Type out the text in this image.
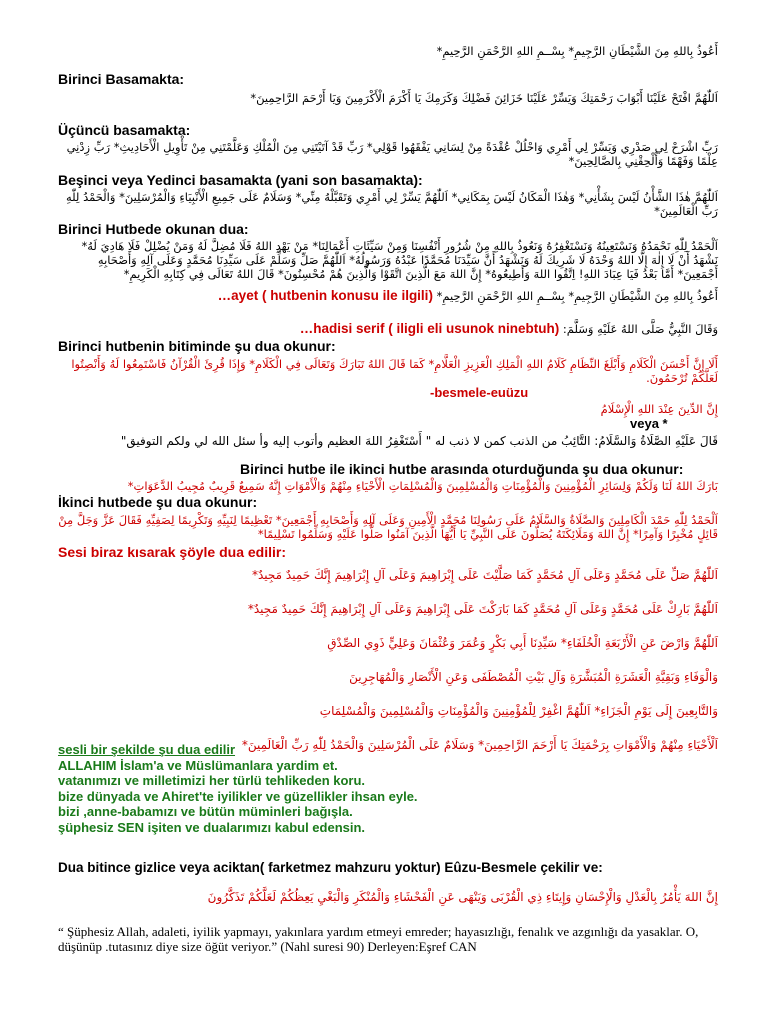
أَعُوذُ بِاللهِ مِنَ الشَّيْطَانِ الرَّجِيمِ* بِسْــمِ اللهِ الرَّحْمَنِ الرَّحِيمِ*
Birinci Basamakta:
اَللّٰهُمَّ افْتَحْ عَلَيْنَا أَبْوَابَ رَحْمَتِكَ وَيَسِّرْ عَلَيْنَا خَزَائِنَ فَضْلِكَ وَكَرَمِكَ يَا أَكْرَمَ الْأَكْرَمِينَ وَيَا أَرْحَمَ الرَّاحِمِينَ*
Üçüncü basamakta:
رَبِّ اشْرَحْ لِي صَدْرِي وَيَسِّرْ لِي أَمْرِي وَاحْلُلْ عُقْدَةً مِنْ لِسَانِي يَفْقَهُوا قَوْلِي* رَبِّ قَدْ آتَيْتَنِي مِنَ الْمُلْكِ وَعَلَّمْتَنِي مِنْ تَأْوِيلِ الْأَحَادِيثِ* رَبِّ زِدْنِي عِلْمًا وَفَهْمًا وَأَلْحِقْنِي بِالصَّالِحِينَ*
Beşinci veya Yedinci basamakta (yani son basamakta):
اَللّٰهُمَّ هٰذَا الشَّأْنُ لَيْسَ بِشَأْنِي* وَهٰذَا الْمَكَانُ لَيْسَ بِمَكَانِي* اَللّٰهُمَّ يَسِّرْ لِي أَمْرِي وَتَقَبَّلْهُ مِنِّي* وَسَلَامٌ عَلَى جَمِيعِ الْأَنْبِيَاءِ وَالْمُرْسَلِينَ* وَالْحَمْدُ لِلّٰهِ رَبِّ الْعَالَمِينَ*
Birinci Hutbede okunan dua:
اَلْحَمْدُ لِلّٰهِ نَحْمَدُهُ وَنَسْتَعِينُهُ وَنَسْتَغْفِرُهُ وَنَعُوذُ بِاللهِ مِنْ شُرُورِ أَنْفُسِنَا وَمِنْ سَيِّئَاتِ أَعْمَالِنَا* مَنْ يَهْدِ اللهُ فَلَا مُضِلَّ لَهُ وَمَنْ يُضْلِلْ فَلَا هَادِيَ لَهُ* نَشْهَدُ أَنْ لَا إِلٰهَ إِلَّا اللهُ وَحْدَهُ لَا شَرِيكَ لَهُ وَنَشْهَدُ أَنَّ سَيِّدَنَا مُحَمَّدًا عَبْدُهُ وَرَسُولُهُ* اَللّٰهُمَّ صَلِّ وَسَلِّمْ عَلَى سَيِّدِنَا مُحَمَّدٍ وَعَلَى آلِهِ وَأَصْحَابِهِ أَجْمَعِينَ* أَمَّا بَعْدُ فَيَا عِبَادَ اللهِ! اِتَّقُوا اللهَ وَأَطِيعُوهُ* إِنَّ اللهَ مَعَ الَّذِينَ اتَّقَوْا وَالَّذِينَ هُمْ مُحْسِنُونَ* قَالَ اللهُ تَعَالَى فِي كِتَابِهِ الْكَرِيمِ*
أَعُوذُ بِاللهِ مِنَ الشَّيْطَانِ الرَّجِيمِ* بِسْــمِ اللهِ الرَّحْمَنِ الرَّحِيمِ* ayet ( hutbenin konusu ile ilgili)…
وَقَالَ النَّبِيُّ صَلَّى اللهُ عَلَيْهِ وَسَلَّمَ: hadisi serif ( iligli eli usunok ninebtuh)…
Birinci hutbenin bitiminde şu dua okunur:
أَلَا إِنَّ أَحْسَنَ الْكَلَامِ وَأَبْلَغَ النِّظَامِ كَلَامُ اللهِ الْمَلِكِ الْعَزِيزِ الْعَلَّامِ* كَمَا قَالَ اللهُ تَبَارَكَ وَتَعَالَى فِي الْكَلَامِ* وَإِذَا قُرِئَ الْقُرْآنُ فَاسْتَمِعُوا لَهُ وَأَنْصِتُوا لَعَلَّكُمْ تُرْحَمُونَ.
-besmele-euüzu
إِنَّ الدِّينَ عِنْدَ اللهِ الْإِسْلَامُ
veya *
قَالَ عَلَيْهِ الصَّلَاةُ وَالسَّلَامُ: التَّائِبُ من الذنب كمن لا ذنب له " أَسْتَغْفِرُ اللهَ العظيم وأتوب إليه وأ سئل الله لي ولكم التوفيق"
Birinci hutbe ile ikinci hutbe arasında oturduğunda şu dua okunur:
بَارَكَ اللهُ لَنَا وَلَكُمْ وَلِسَائِرِ الْمُؤْمِنِينَ وَالْمُؤْمِنَاتِ وَالْمُسْلِمِينَ وَالْمُسْلِمَاتِ الْأَحْيَاءِ مِنْهُمْ وَالْأَمْوَاتِ إِنَّهُ سَمِيعٌ قَرِيبٌ مُجِيبُ الدَّعَوَاتِ*
İkinci hutbede şu dua okunur:
اَلْحَمْدُ لِلّٰهِ حَمْدَ الْكَامِلِينَ وَالصَّلَاةُ وَالسَّلَامُ عَلَى رَسُولِنَا مُحَمَّدٍ الْأَمِينِ وَعَلَى آلِهِ وَأَصْحَابِهِ أَجْمَعِينَ* تَعْظِيمًا لِنَبِيِّهِ وَتَكْرِيمًا لِصَفِيِّهِ فَقَالَ عَزَّ وَجَلَّ مِنْ قَائِلٍ مُخْبِرًا وَآمِرًا* إِنَّ اللهَ وَمَلَائِكَتَهُ يُصَلُّونَ عَلَى النَّبِيِّ يَا أَيُّهَا الَّذِينَ آمَنُوا صَلُّوا عَلَيْهِ وَسَلِّمُوا تَسْلِيمًا*
Sesi biraz kısarak şöyle dua edilir:
اَللّٰهُمَّ صَلِّ عَلَى مُحَمَّدٍ وَعَلَى آلِ مُحَمَّدٍ كَمَا صَلَّيْتَ عَلَى إِبْرَاهِيمَ وَعَلَى آلِ إِبْرَاهِيمَ إِنَّكَ حَمِيدٌ مَجِيدٌ*
اَللّٰهُمَّ بَارِكْ عَلَى مُحَمَّدٍ وَعَلَى آلِ مُحَمَّدٍ كَمَا بَارَكْتَ عَلَى إِبْرَاهِيمَ وَعَلَى آلِ إِبْرَاهِيمَ إِنَّكَ حَمِيدٌ مَجِيدٌ*
اَللّٰهُمَّ وَارْضَ عَنِ الْأَرْبَعَةِ الْخُلَفَاءِ* سَيِّدِنَا أَبِي بَكْرٍ وَعُمَرَ وَعُثْمَانَ وَعَلِيٍّ ذَوِي الصِّدْقِ
وَالْوَفَاءِ وَبَقِيَّةِ الْعَشَرَةِ الْمُبَشَّرَةِ وَآلِ بَيْتِ الْمُصْطَفَى وَعَنِ الْأَنْصَارِ وَالْمُهَاجِرِينَ
وَالتَّابِعِينَ إِلَى يَوْمِ الْجَزَاءِ* اَللّٰهُمَّ اغْفِرْ لِلْمُؤْمِنِينَ وَالْمُؤْمِنَاتِ وَالْمُسْلِمِينَ وَالْمُسْلِمَاتِ
اَلْأَحْيَاءِ مِنْهُمْ وَالْأَمْوَاتِ بِرَحْمَتِكَ يَا أَرْحَمَ الرَّاحِمِينَ* وَسَلَامٌ عَلَى الْمُرْسَلِينَ وَالْحَمْدُ لِلّٰهِ رَبِّ الْعَالَمِينَ*
sesli bir şekilde şu dua edilir
ALLAHIM İslam'a ve Müslümanlara yardim et.
vatanımızı ve milletimizi her türlü tehlikeden koru.
bize dünyada ve Ahiret'te iyilikler ve güzellikler ihsan eyle.
bizi ,anne-babamızı ve bütün müminleri bağışla.
şüphesiz SEN işiten ve dualarımızı kabul edensin.
Dua bitince gizlice veya aciktan( farketmez mahzuru yoktur) Eûzu-Besmele çekilir ve:
إِنَّ اللهَ يَأْمُرُ بِالْعَدْلِ وَالْإِحْسَانِ وَإِيتَاءِ ذِي الْقُرْبَى وَيَنْهَى عَنِ الْفَحْشَاءِ وَالْمُنْكَرِ وَالْبَغْيِ يَعِظُكُمْ لَعَلَّكُمْ تَذَكَّرُونَ
“ Şüphesiz Allah, adaleti, iyilik yapmayı, yakınlara yardım etmeyi emreder; hayasızlığı, fenalık ve azgınlığı da yasaklar. O, düşünüp .tutasınız diye size öğüt veriyor.” (Nahl suresi 90) Derleyen:Eşref CAN
